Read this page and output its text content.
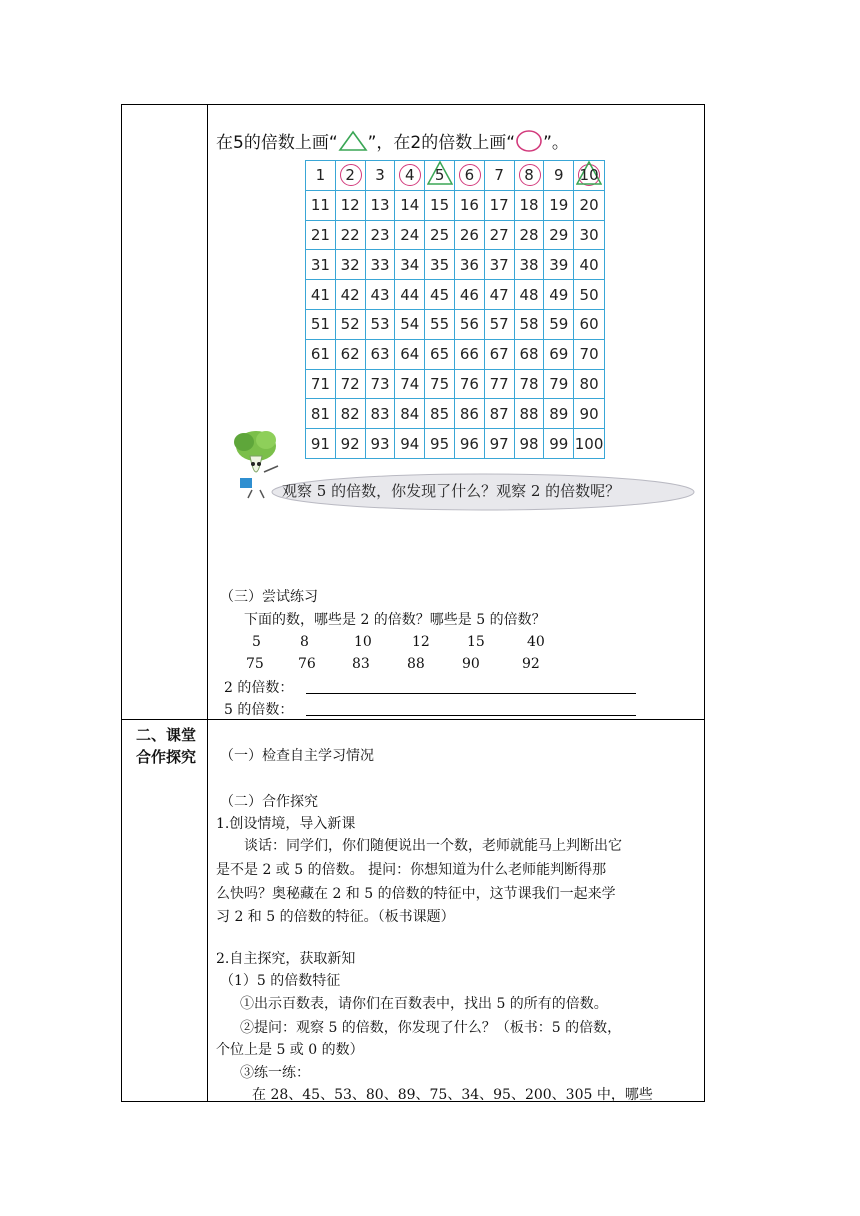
在5的倍数上画“ ”，在2的倍数上画“ ”。
1 2 3 4 5 6 7 8 9 10
11 12 13 14 15 16 17 18 19 20
21 22 23 24 25 26 27 28 29 30
31 32 33 34 35 36 37 38 39 40
41 42 43 44 45 46 47 48 49 50
51 52 53 54 55 56 57 58 59 60
61 62 63 64 65 66 67 68 69 70
71 72 73 74 75 76 77 78 79 80
81 82 83 84 85 86 87 88 89 90
91 92 93 94 95 96 97 98 99 100
观察 5 的倍数，你发现了什么？观察 2 的倍数呢？
（三）尝试练习
下面的数，哪些是 2 的倍数？哪些是 5 的倍数？
5	8	10	12	15	40
75 76	83	88	90	92
2 的倍数：
5 的倍数：
二、课堂
合作探究	（一）检查自主学习情况
（二）合作探究
1.创设情境，导入新课
谈话：同学们，你们随便说出一个数，老师就能马上判断出它
是不是 2 或 5 的倍数。 提问：你想知道为什么老师能判断得那
么快吗？奥秘藏在 2 和 5 的倍数的特征中，这节课我们一起来学
习 2 和 5 的倍数的特征。（板书课题）
2.自主探究，获取新知
（1）5 的倍数特征
①出示百数表，请你们在百数表中，找出 5 的所有的倍数。
②提问：观察 5 的倍数，你发现了什么？（板书：5 的倍数，
个位上是 5 或 0 的数）
③练一练：
在 28、45、53、80、89、75、34、95、200、305 中，哪些
